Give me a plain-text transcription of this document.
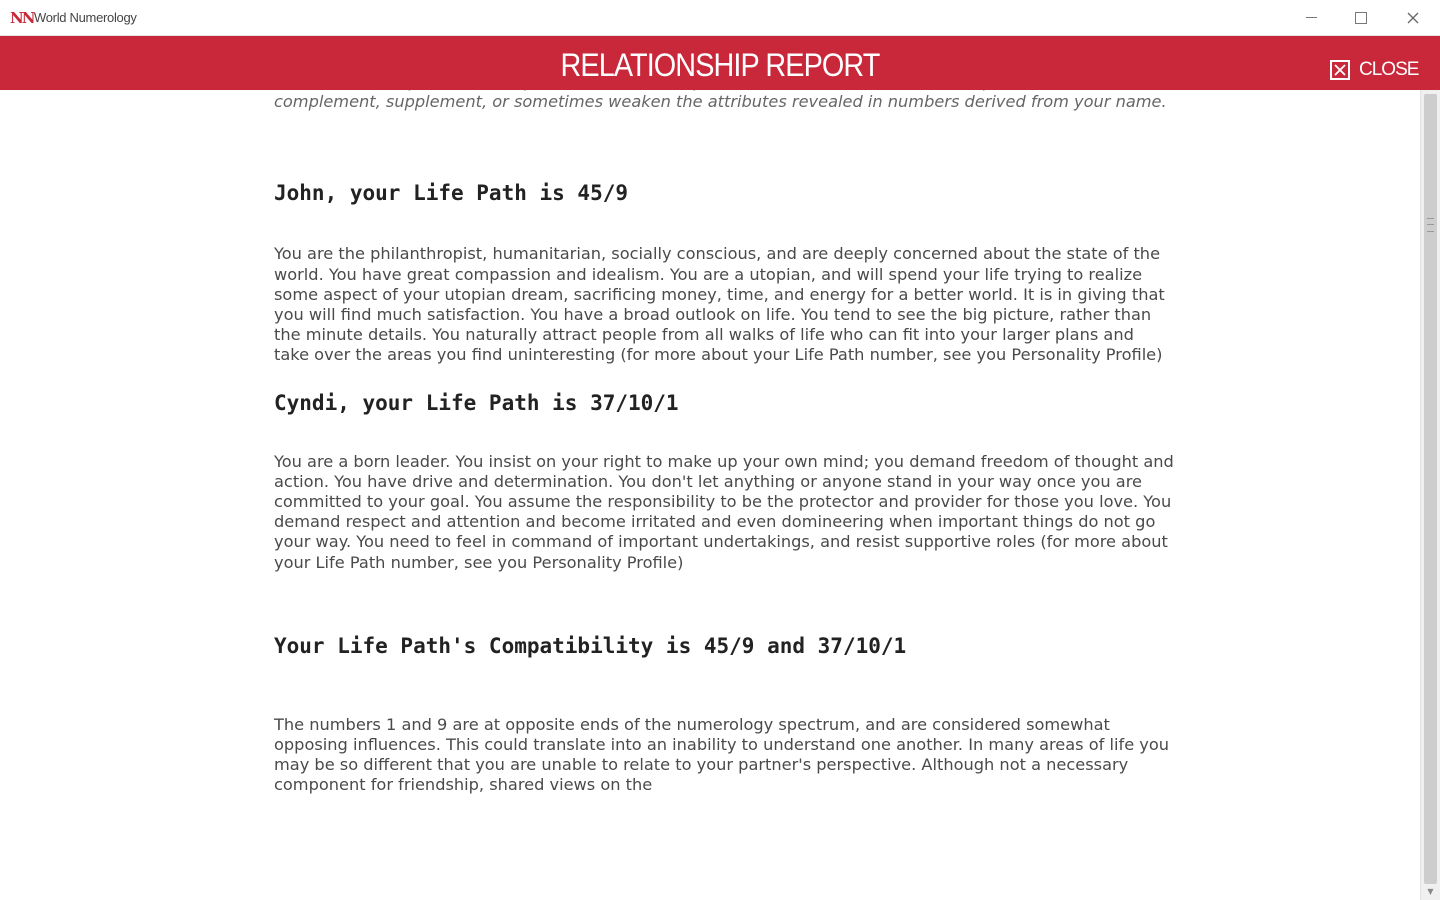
NN World Numerology
RELATIONSHIP REPORT	CLOSE

complement, supplement, or sometimes weaken the attributes revealed in numbers derived from your name.

John, your Life Path is 45/9

You are the philanthropist, humanitarian, socially conscious, and are deeply concerned about the state of the world. You have great compassion and idealism. You are a utopian, and will spend your life trying to realize some aspect of your utopian dream, sacrificing money, time, and energy for a better world. It is in giving that you will find much satisfaction. You have a broad outlook on life. You tend to see the big picture, rather than the minute details. You naturally attract people from all walks of life who can fit into your larger plans and take over the areas you find uninteresting (for more about your Life Path number, see you Personality Profile)

Cyndi, your Life Path is 37/10/1

You are a born leader. You insist on your right to make up your own mind; you demand freedom of thought and action. You have drive and determination. You don't let anything or anyone stand in your way once you are committed to your goal. You assume the responsibility to be the protector and provider for those you love. You demand respect and attention and become irritated and even domineering when important things do not go your way. You need to feel in command of important undertakings, and resist supportive roles (for more about your Life Path number, see you Personality Profile)

Your Life Path's Compatibility is 45/9 and 37/10/1

The numbers 1 and 9 are at opposite ends of the numerology spectrum, and are considered somewhat opposing influences. This could translate into an inability to understand one another. In many areas of life you may be so different that you are unable to relate to your partner's perspective. Although not a necessary component for friendship, shared views on the

▼
